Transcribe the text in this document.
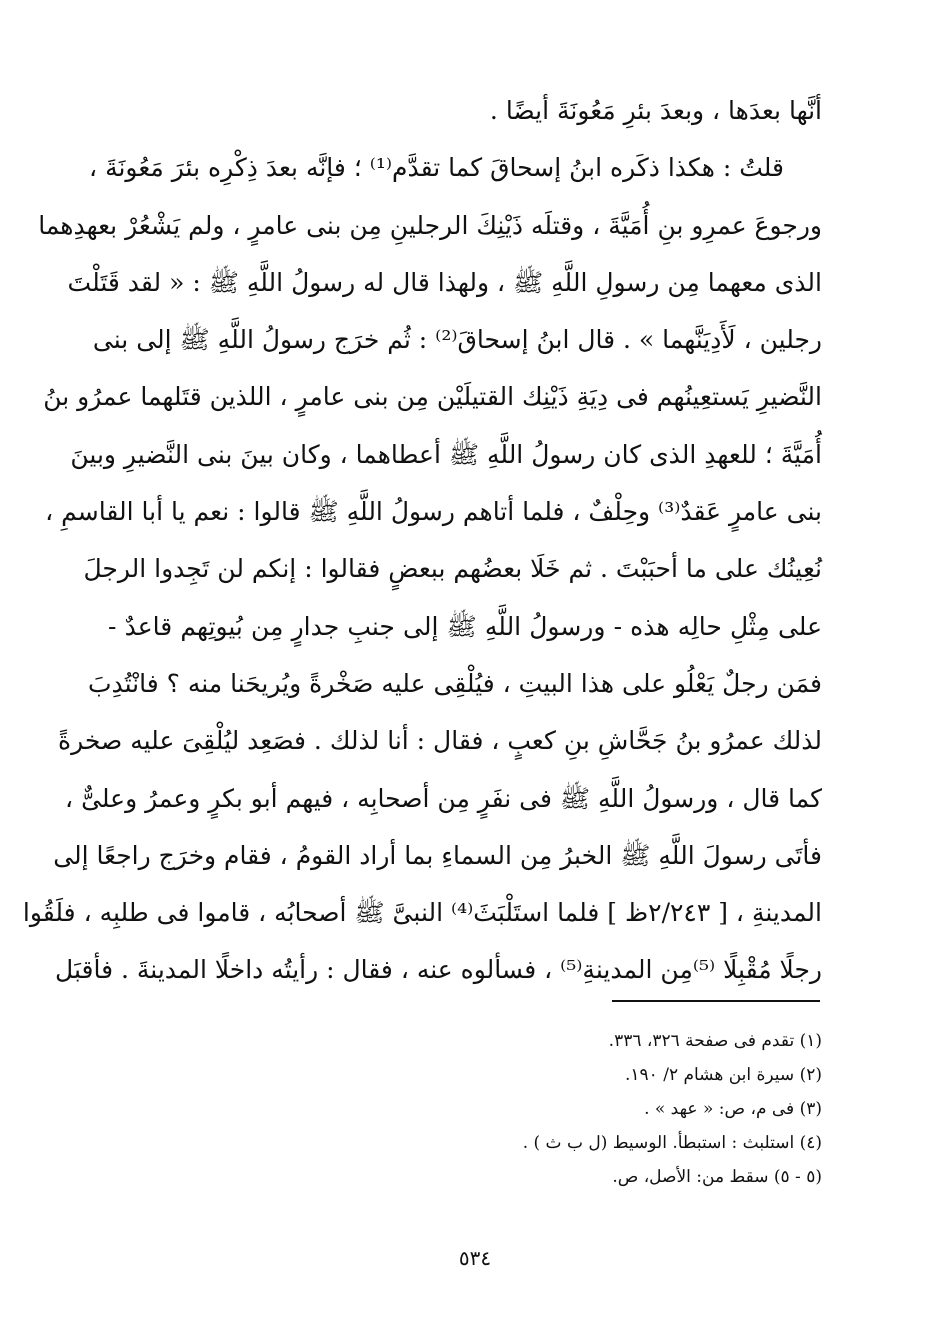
أنَّها بعدَها ، وبعدَ بئرِ مَعُونَةَ أيضًا .
قلتُ : هكذا ذكَره ابنُ إسحاقَ كما تقدَّم⁽¹⁾ ؛ فإنَّه بعدَ ذِكْرِه بئرَ مَعُونَةَ ،
ورجوعَ عمرِو بنِ أُمَيَّةَ ، وقتلَه ذَيْنِكَ الرجلينِ مِن بنى عامرٍ ، ولم يَشْعُرْ بعهدِهما
الذى معهما مِن رسولِ اللَّهِ ﷺ ، ولهذا قال له رسولُ اللَّهِ ﷺ : « لقد قَتَلْتَ
رجلين ، لَأَدِيَنَّهما » . قال ابنُ إسحاقَ⁽²⁾ : ثُم خرَج رسولُ اللَّهِ ﷺ إلى بنى
النَّضيرِ يَستعِينُهم فى دِيَةِ ذَيْنِك القتيلَيْن مِن بنى عامرٍ ، اللذين قتَلهما عمرُو بنُ
أُمَيَّةَ ؛ للعهدِ الذى كان رسولُ اللَّهِ ﷺ أعطاهما ، وكان بينَ بنى النَّضيرِ وبينَ
بنى عامرٍ عَقدٌ⁽³⁾ وحِلْفٌ ، فلما أتاهم رسولُ اللَّهِ ﷺ قالوا : نعم يا أبا القاسمِ ،
نُعِينُك على ما أحبَبْتَ . ثم خَلَا بعضُهم ببعضٍ فقالوا : إنكم لن تَجِدوا الرجلَ
على مِثْلِ حالِه هذه - ورسولُ اللَّهِ ﷺ إلى جنبِ جدارٍ مِن بُيوتِهم قاعدٌ -
فمَن رجلٌ يَعْلُو على هذا البيتِ ، فيُلْقِى عليه صَخْرةً ويُريحَنا منه ؟ فانْتُدِبَ
لذلك عمرُو بنُ جَحَّاشِ بنِ كعبٍ ، فقال : أنا لذلك . فصَعِد ليُلْقِىَ عليه صخرةً
كما قال ، ورسولُ اللَّهِ ﷺ فى نفَرٍ مِن أصحابِه ، فيهم أبو بكرٍ وعمرُ وعلىٌّ ،
فأتَى رسولَ اللَّهِ ﷺ الخبرُ مِن السماءِ بما أراد القومُ ، فقام وخرَج راجعًا إلى
المدينةِ ، [ ٢/٢٤٣ظ ] فلما استَلْبَثَ⁽⁴⁾ النبىَّ ﷺ أصحابُه ، قاموا فى طلبِه ، فلَقُوا
رجلًا مُقْبِلًا ⁽⁵⁾مِن المدينةِ⁽⁵⁾ ، فسألوه عنه ، فقال : رأيتُه داخلًا المدينةَ . فأقبَل
(١) تقدم فى صفحة ٣٢٦، ٣٣٦.
(٢) سيرة ابن هشام ٢/ ١٩٠.
(٣) فى م، ص: « عهد » .
(٤) استلبث : استبطأ. الوسيط (ل ب ث ) .
(٥ - ٥) سقط من: الأصل، ص.
٥٣٤
